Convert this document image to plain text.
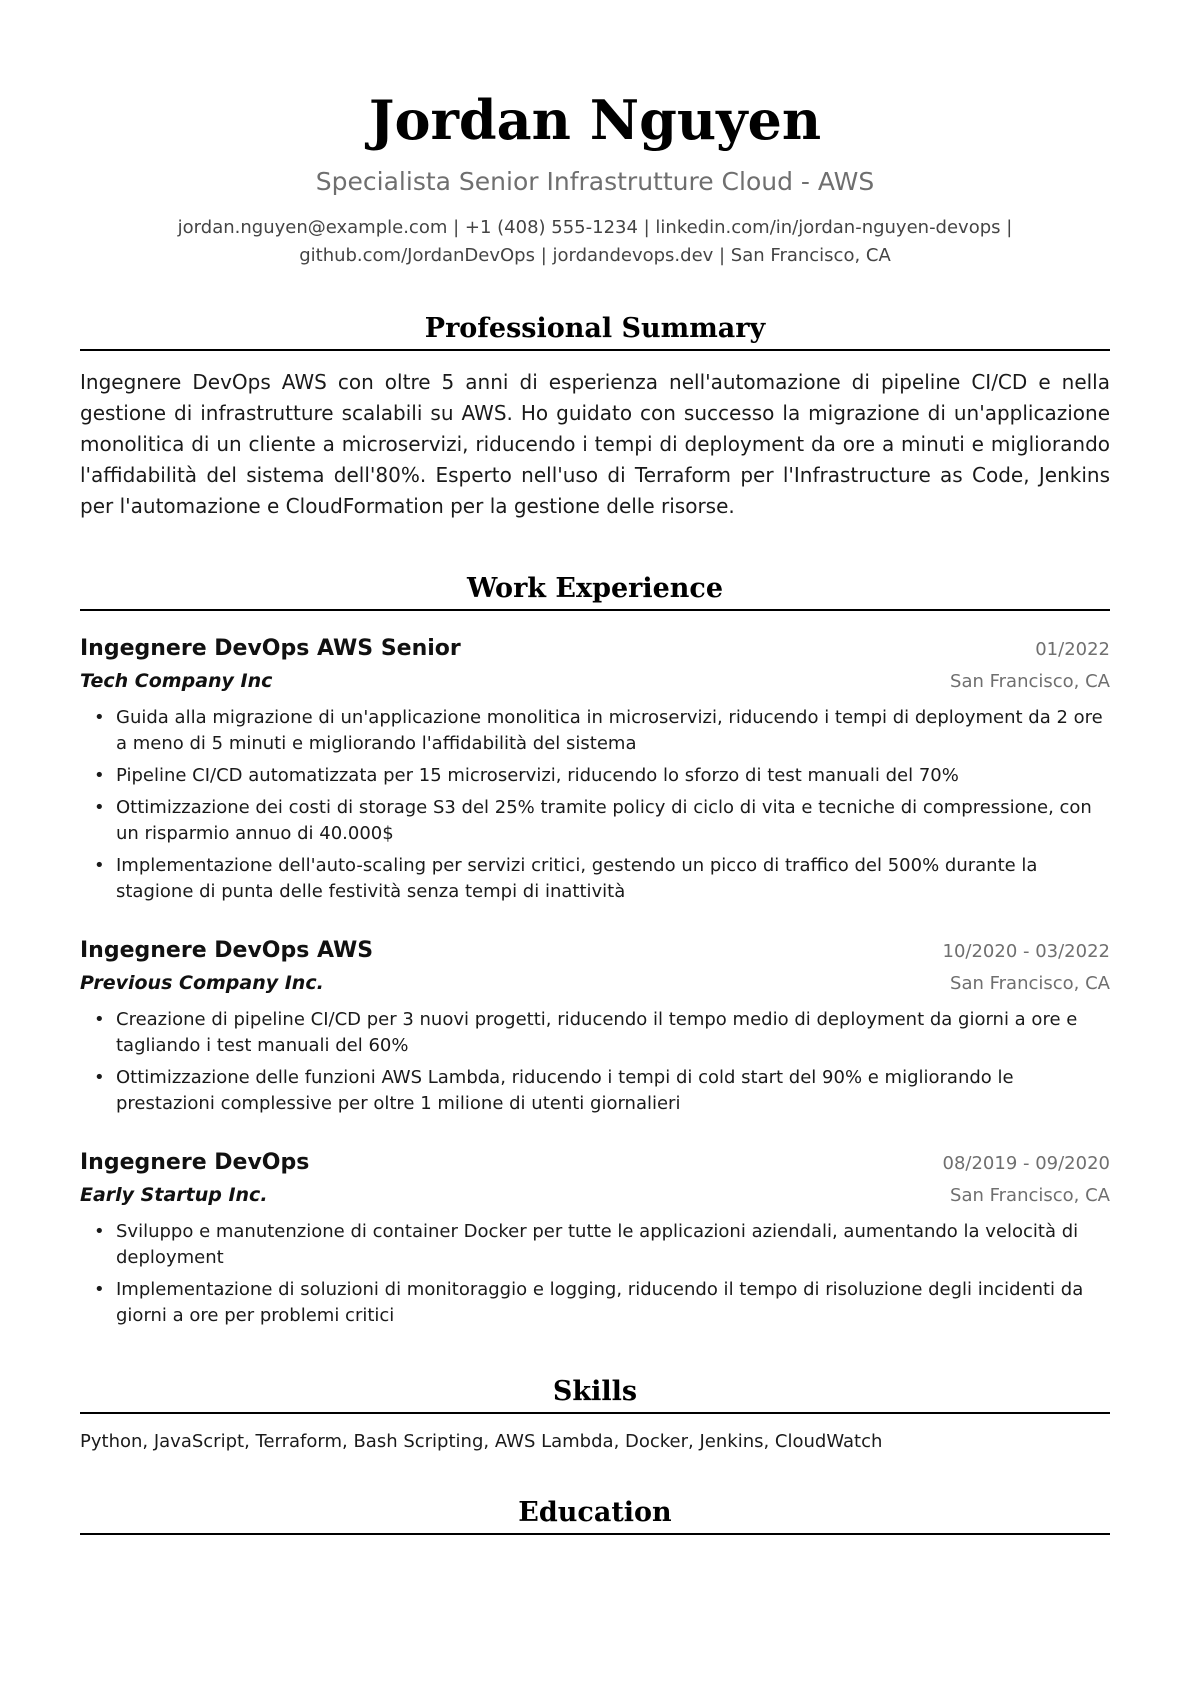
Jordan Nguyen
Specialista Senior Infrastrutture Cloud - AWS
jordan.nguyen@example.com | +1 (408) 555-1234 | linkedin.com/in/jordan-nguyen-devops |
github.com/JordanDevOps | jordandevops.dev | San Francisco, CA
Professional Summary

Ingegnere DevOps AWS con oltre 5 anni di esperienza nell'automazione di pipeline CI/CD e nella gestione di infrastrutture scalabili su AWS. Ho guidato con successo la migrazione di un'applicazione monolitica di un cliente a microservizi, riducendo i tempi di deployment da ore a minuti e migliorando l'affidabilità del sistema dell'80%. Esperto nell'uso di Terraform per l'Infrastructure as Code, Jenkins per l'automazione e CloudFormation per la gestione delle risorse.

Work Experience
Ingegnere DevOps AWS Senior	01/2022
Tech Company Inc	San Francisco, CA
• Guida alla migrazione di un'applicazione monolitica in microservizi, riducendo i tempi di deployment da 2 ore a meno di 5 minuti e migliorando l'affidabilità del sistema
• Pipeline CI/CD automatizzata per 15 microservizi, riducendo lo sforzo di test manuali del 70%
• Ottimizzazione dei costi di storage S3 del 25% tramite policy di ciclo di vita e tecniche di compressione, con un risparmio annuo di 40.000$
• Implementazione dell'auto-scaling per servizi critici, gestendo un picco di traffico del 500% durante la stagione di punta delle festività senza tempi di inattività
Ingegnere DevOps AWS	10/2020 - 03/2022
Previous Company Inc.	San Francisco, CA
• Creazione di pipeline CI/CD per 3 nuovi progetti, riducendo il tempo medio di deployment da giorni a ore e tagliando i test manuali del 60%
• Ottimizzazione delle funzioni AWS Lambda, riducendo i tempi di cold start del 90% e migliorando le prestazioni complessive per oltre 1 milione di utenti giornalieri
Ingegnere DevOps	08/2019 - 09/2020
Early Startup Inc.	San Francisco, CA
• Sviluppo e manutenzione di container Docker per tutte le applicazioni aziendali, aumentando la velocità di deployment
• Implementazione di soluzioni di monitoraggio e logging, riducendo il tempo di risoluzione degli incidenti da giorni a ore per problemi critici
Skills
Python, JavaScript, Terraform, Bash Scripting, AWS Lambda, Docker, Jenkins, CloudWatch
Education
